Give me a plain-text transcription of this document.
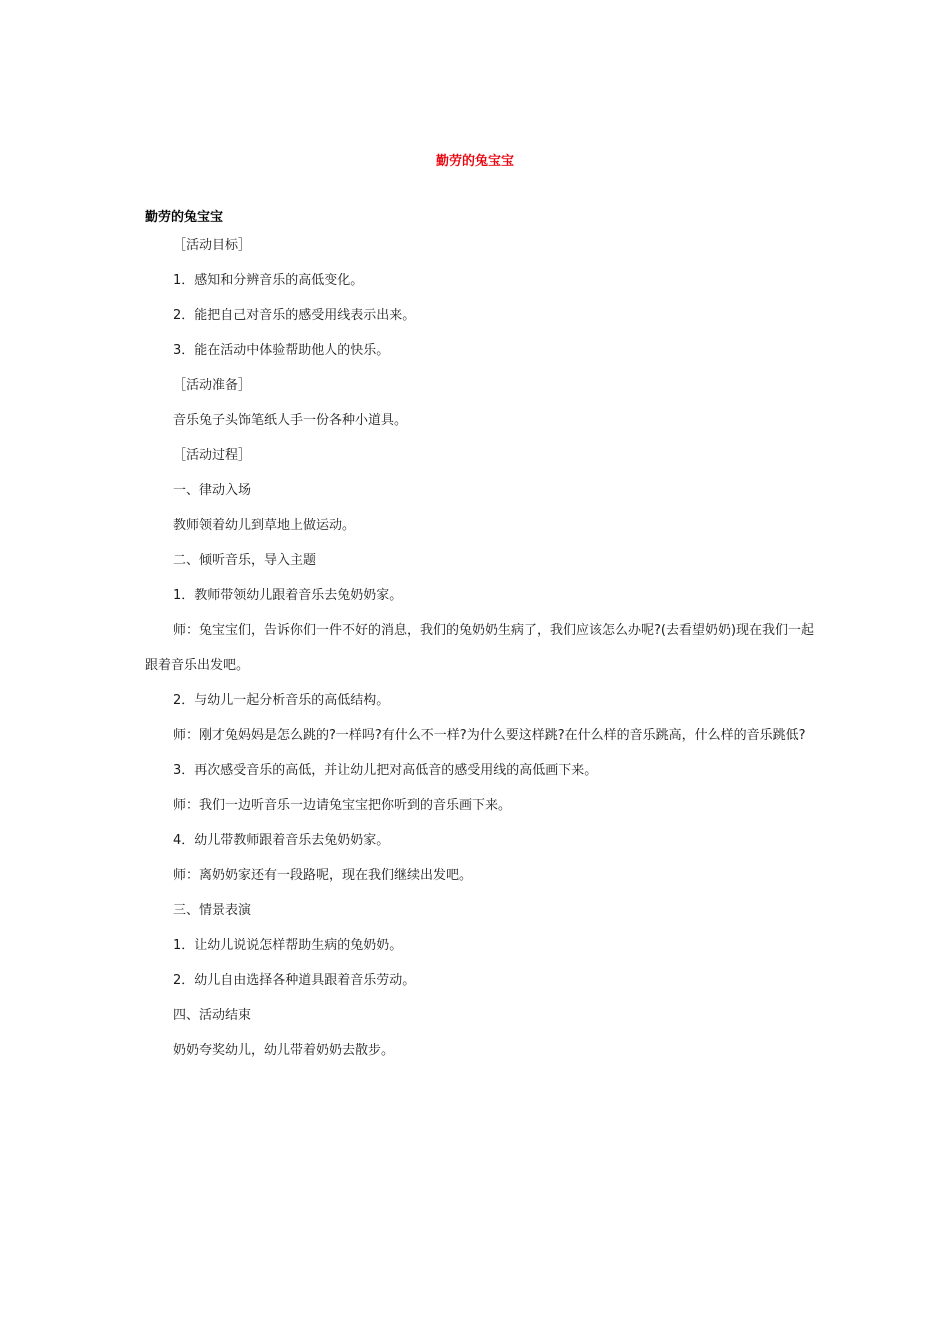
勤劳的兔宝宝
勤劳的兔宝宝

［活动目标］

1．感知和分辨音乐的高低变化。

2．能把自己对音乐的感受用线表示出来。

3．能在活动中体验帮助他人的快乐。

［活动准备］

音乐兔子头饰笔纸人手一份各种小道具。

［活动过程］

一、律动入场

教师领着幼儿到草地上做运动。

二、倾听音乐，导入主题

1．教师带领幼儿跟着音乐去兔奶奶家。

师：兔宝宝们，告诉你们一件不好的消息，我们的兔奶奶生病了，我们应该怎么办呢?(去看望奶奶)现在我们一起跟着音乐出发吧。

2．与幼儿一起分析音乐的高低结构。

师：刚才兔妈妈是怎么跳的?一样吗?有什么不一样?为什么要这样跳?在什么样的音乐跳高，什么样的音乐跳低?

3．再次感受音乐的高低，并让幼儿把对高低音的感受用线的高低画下来。

师：我们一边听音乐一边请兔宝宝把你听到的音乐画下来。

4．幼儿带教师跟着音乐去兔奶奶家。

师：离奶奶家还有一段路呢，现在我们继续出发吧。

三、情景表演

1．让幼儿说说怎样帮助生病的兔奶奶。

2．幼儿自由选择各种道具跟着音乐劳动。

四、活动结束

奶奶夸奖幼儿，幼儿带着奶奶去散步。
